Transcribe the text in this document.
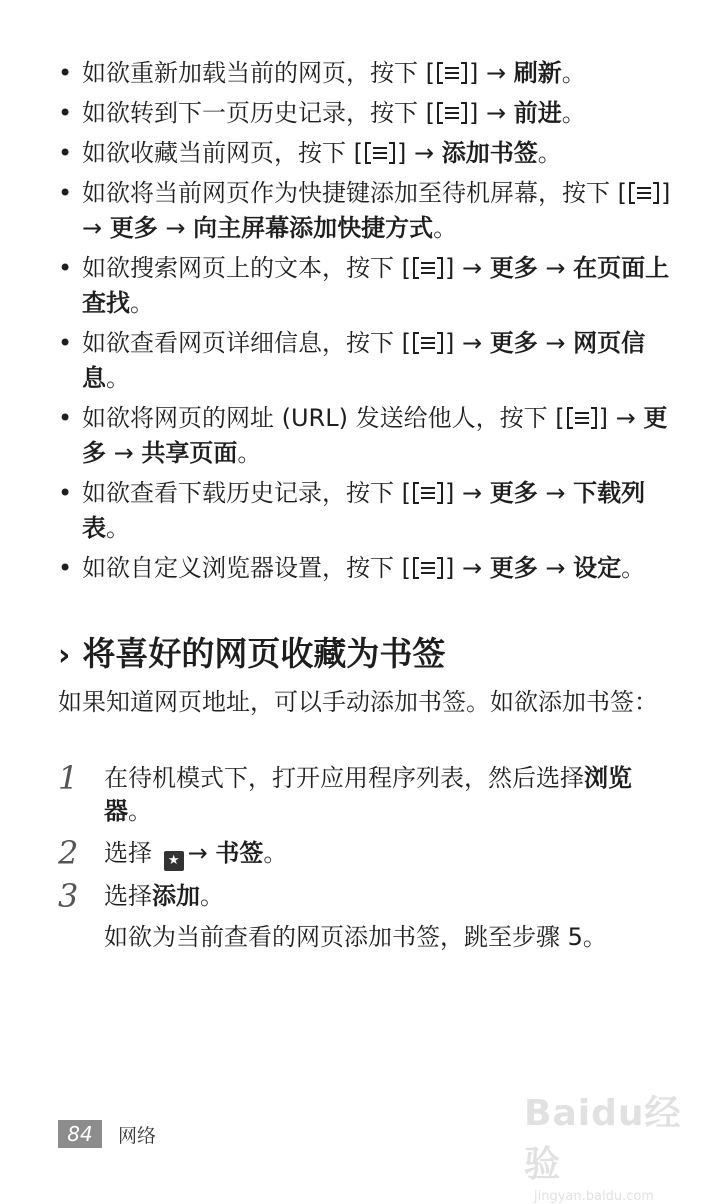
• 如欲重新加载当前的网页，按下 [ ] → 刷新。
• 如欲转到下一页历史记录，按下 [ ] → 前进。
• 如欲收藏当前网页，按下 [ ] → 添加书签。
• 如欲将当前网页作为快捷键添加至待机屏幕，按下 [ ] → 更多 → 向主屏幕添加快捷方式。
• 如欲搜索网页上的文本，按下 [ ] → 更多 → 在页面上查找。
• 如欲查看网页详细信息，按下 [ ] → 更多 → 网页信息。
• 如欲将网页的网址 (URL) 发送给他人，按下 [ ] → 更多 → 共享页面。
• 如欲查看下载历史记录，按下 [ ] → 更多 → 下载列表。
• 如欲自定义浏览器设置，按下 [ ] → 更多 → 设定。
› 将喜好的网页收藏为书签
如果知道网页地址，可以手动添加书签。如欲添加书签：
1 在待机模式下，打开应用程序列表，然后选择浏览器。
2 选择 ★ → 书签。
3 选择添加。
如欲为当前查看的网页添加书签，跳至步骤 5。
84	网络
Baidu经验
jingyan.baidu.com
